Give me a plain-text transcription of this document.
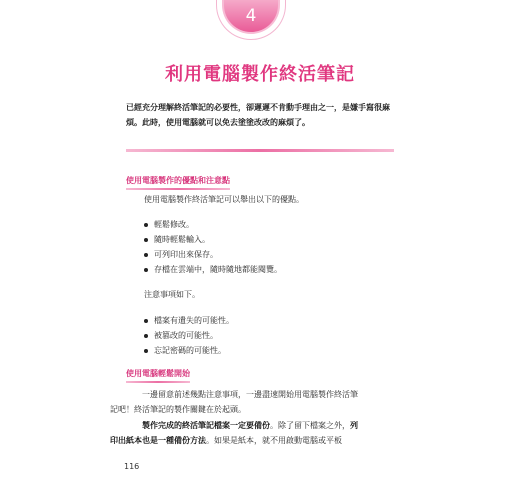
4
利用電腦製作終活筆記
已經充分理解終活筆記的必要性，卻遲遲不肯動手理由之一，是嫌手寫很麻
煩。此時，使用電腦就可以免去塗塗改改的麻煩了。
使用電腦製作的優點和注意點
使用電腦製作終活筆記可以舉出以下的優點。
輕鬆修改。
隨時輕鬆輸入。
可列印出來保存。
存檔在雲端中，隨時隨地都能閱覽。
注意事項如下。
檔案有遺失的可能性。
被篡改的可能性。
忘記密碼的可能性。
使用電腦輕鬆開始
一邊留意前述幾點注意事項，一邊盡速開始用電腦製作終活筆
記吧！終活筆記的製作關鍵在於起頭。
製作完成的終活筆記檔案一定要備份。除了留下檔案之外，列
印出紙本也是一種備份方法。如果是紙本，就不用啟動電腦或平板
116
